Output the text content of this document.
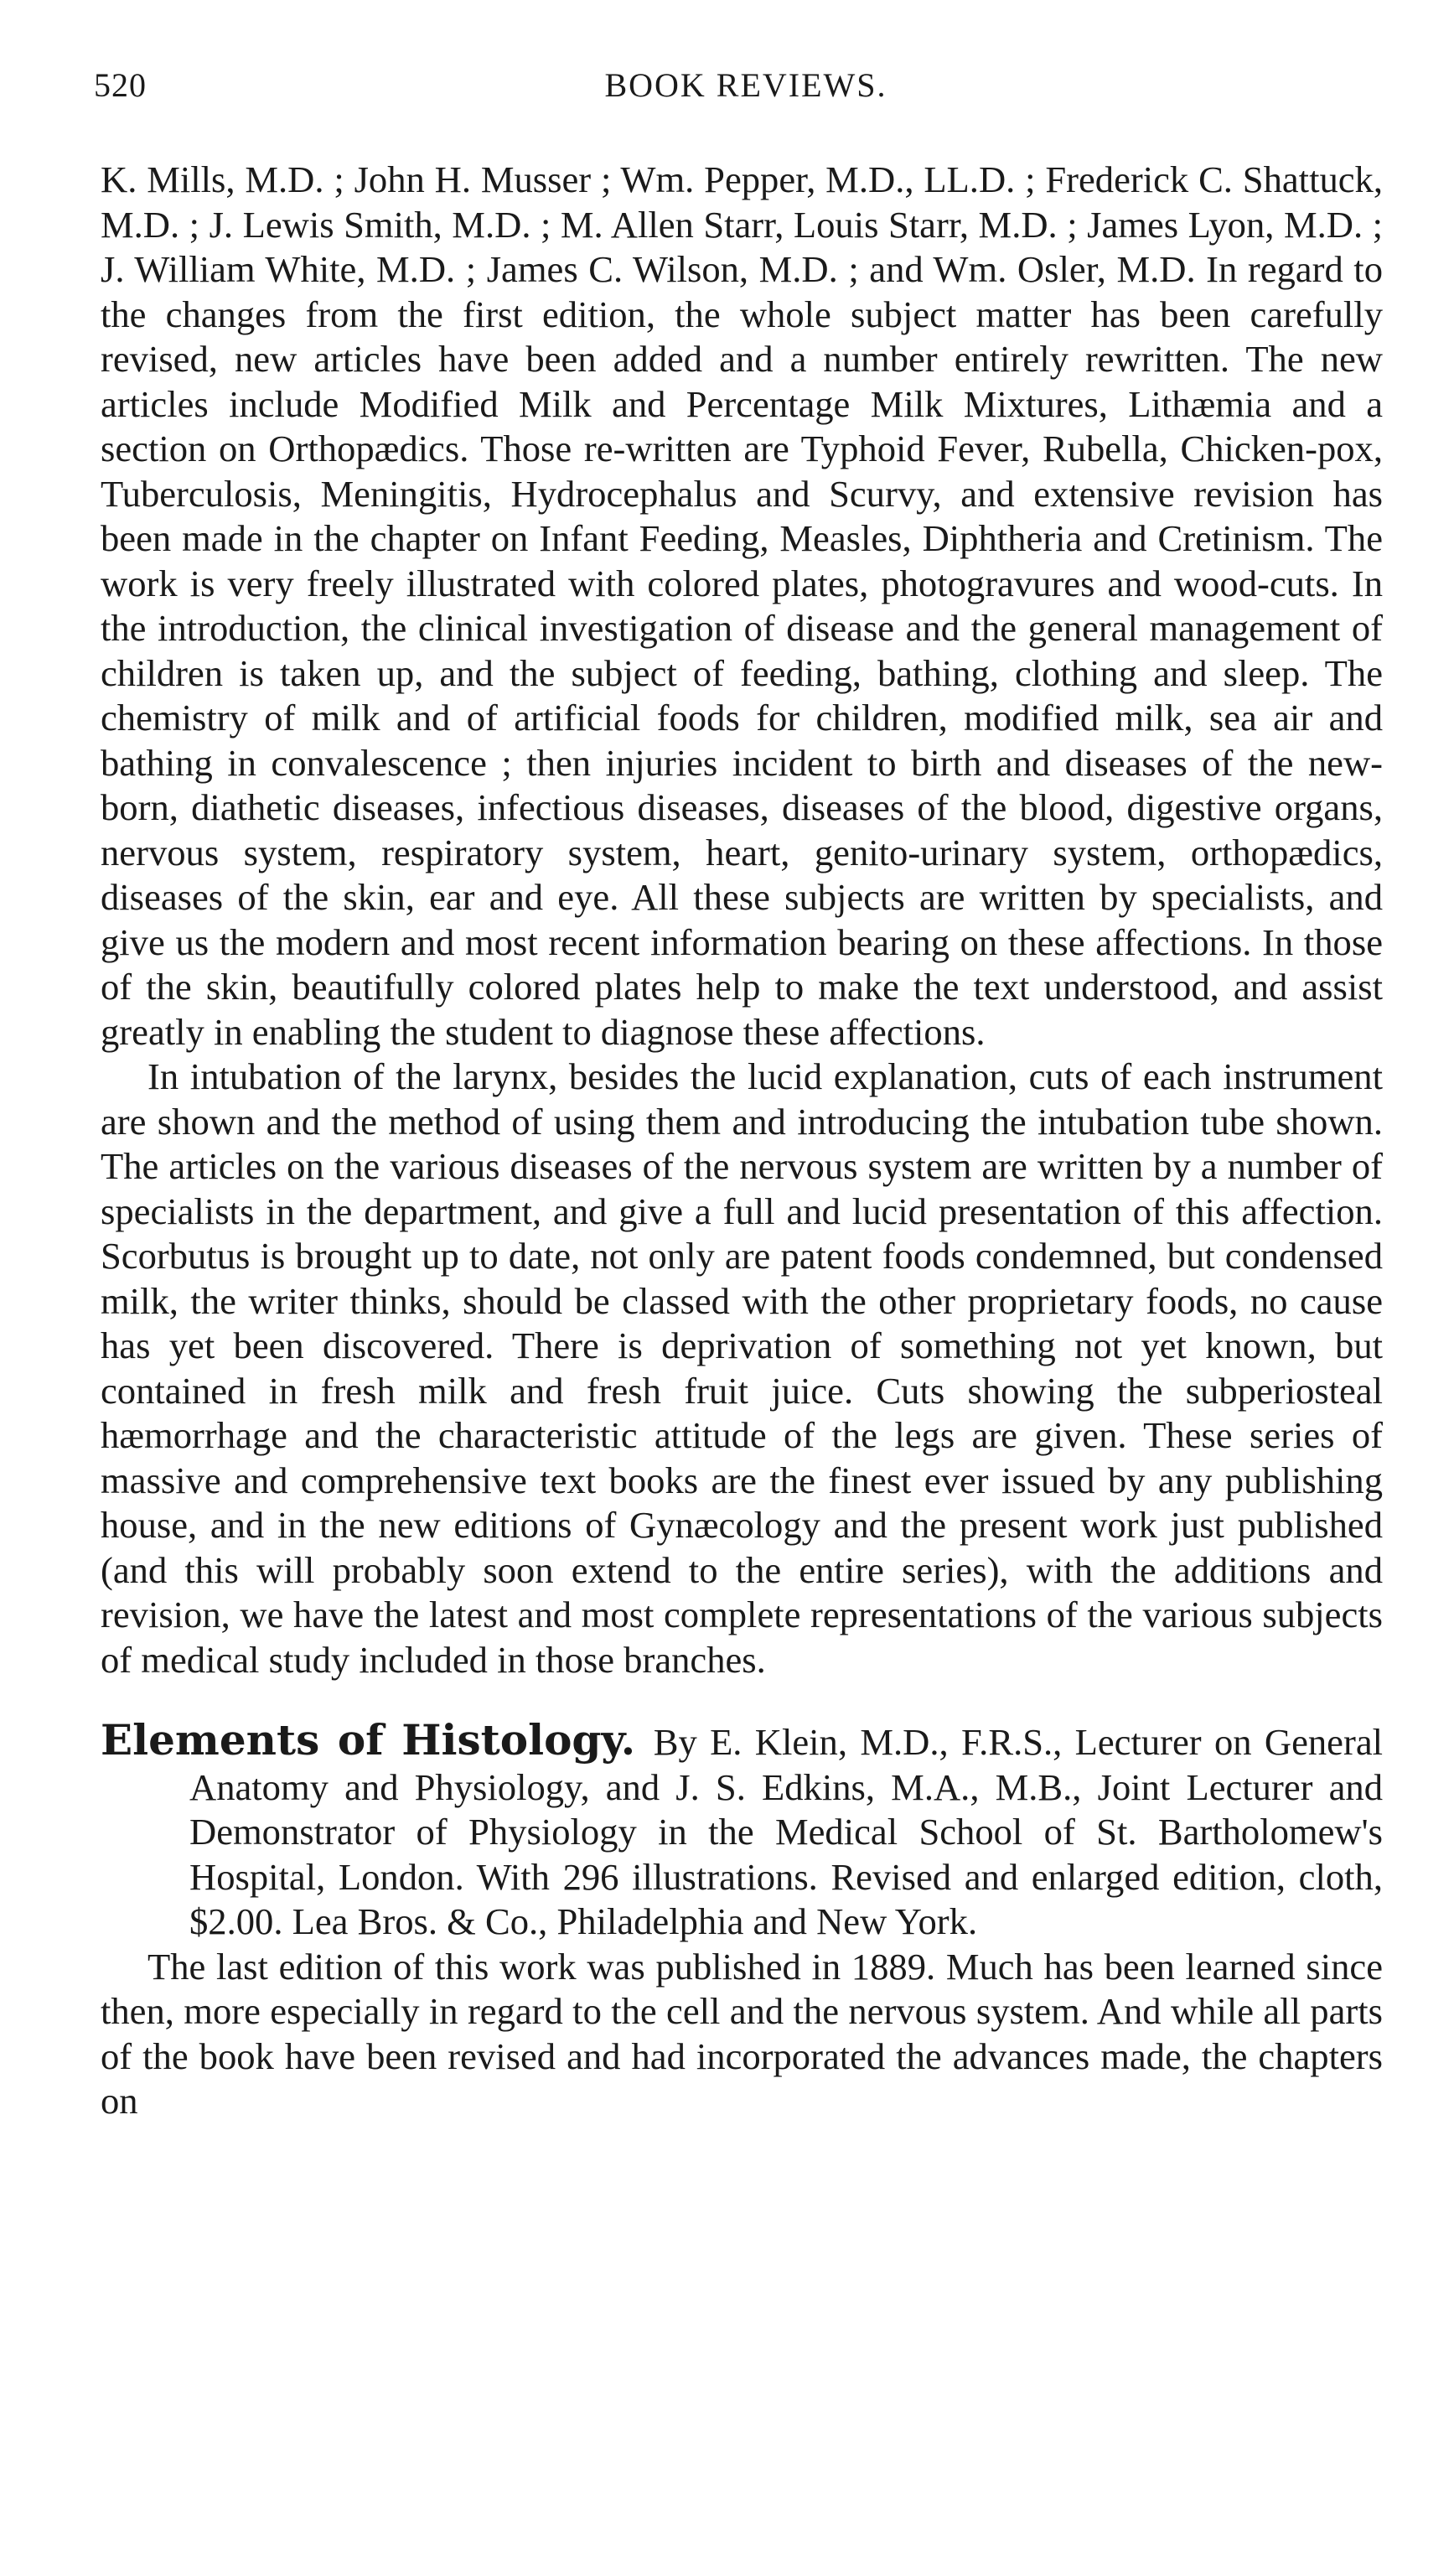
520	BOOK REVIEWS.

K. Mills, M.D. ; John H. Musser ; Wm. Pepper, M.D., LL.D. ; Frederick C. Shattuck, M.D. ; J. Lewis Smith, M.D. ; M. Allen Starr, Louis Starr, M.D. ; James Lyon, M.D. ; J. William White, M.D. ; James C. Wilson, M.D. ; and Wm. Osler, M.D. In regard to the changes from the first edition, the whole subject matter has been carefully revised, new articles have been added and a number entirely rewritten. The new articles include Modified Milk and Percentage Milk Mixtures, Lithæmia and a section on Orthopædics. Those re-written are Typhoid Fever, Rubella, Chicken-pox, Tuberculosis, Meningitis, Hydrocephalus and Scurvy, and extensive revision has been made in the chapter on Infant Feeding, Measles, Diphtheria and Cretinism. The work is very freely illustrated with colored plates, photogravures and wood-cuts. In the introduction, the clinical investigation of disease and the general management of children is taken up, and the subject of feeding, bathing, clothing and sleep. The chemistry of milk and of artificial foods for children, modified milk, sea air and bathing in convalescence ; then injuries incident to birth and diseases of the new-born, diathetic diseases, infectious diseases, diseases of the blood, digestive organs, nervous system, respiratory system, heart, genito-urinary system, orthopædics, diseases of the skin, ear and eye. All these subjects are written by specialists, and give us the modern and most recent information bearing on these affections. In those of the skin, beautifully colored plates help to make the text understood, and assist greatly in enabling the student to diagnose these affections.

In intubation of the larynx, besides the lucid explanation, cuts of each instrument are shown and the method of using them and introducing the intubation tube shown. The articles on the various diseases of the nervous system are written by a number of specialists in the department, and give a full and lucid presentation of this affection. Scorbutus is brought up to date, not only are patent foods condemned, but condensed milk, the writer thinks, should be classed with the other proprietary foods, no cause has yet been discovered. There is deprivation of something not yet known, but contained in fresh milk and fresh fruit juice. Cuts showing the subperiosteal hæmorrhage and the characteristic attitude of the legs are given. These series of massive and comprehensive text books are the finest ever issued by any publishing house, and in the new editions of Gynæcology and the present work just published (and this will probably soon extend to the entire series), with the additions and revision, we have the latest and most complete representations of the various subjects of medical study included in those branches.

Elements of Histology. By E. Klein, M.D., F.R.S., Lecturer on General Anatomy and Physiology, and J. S. Edkins, M.A., M.B., Joint Lecturer and Demonstrator of Physiology in the Medical School of St. Bartholomew's Hospital, London. With 296 illustrations. Revised and enlarged edition, cloth, $2.00. Lea Bros. & Co., Philadelphia and New York.

The last edition of this work was published in 1889. Much has been learned since then, more especially in regard to the cell and the nervous system. And while all parts of the book have been revised and had incorporated the advances made, the chapters on
